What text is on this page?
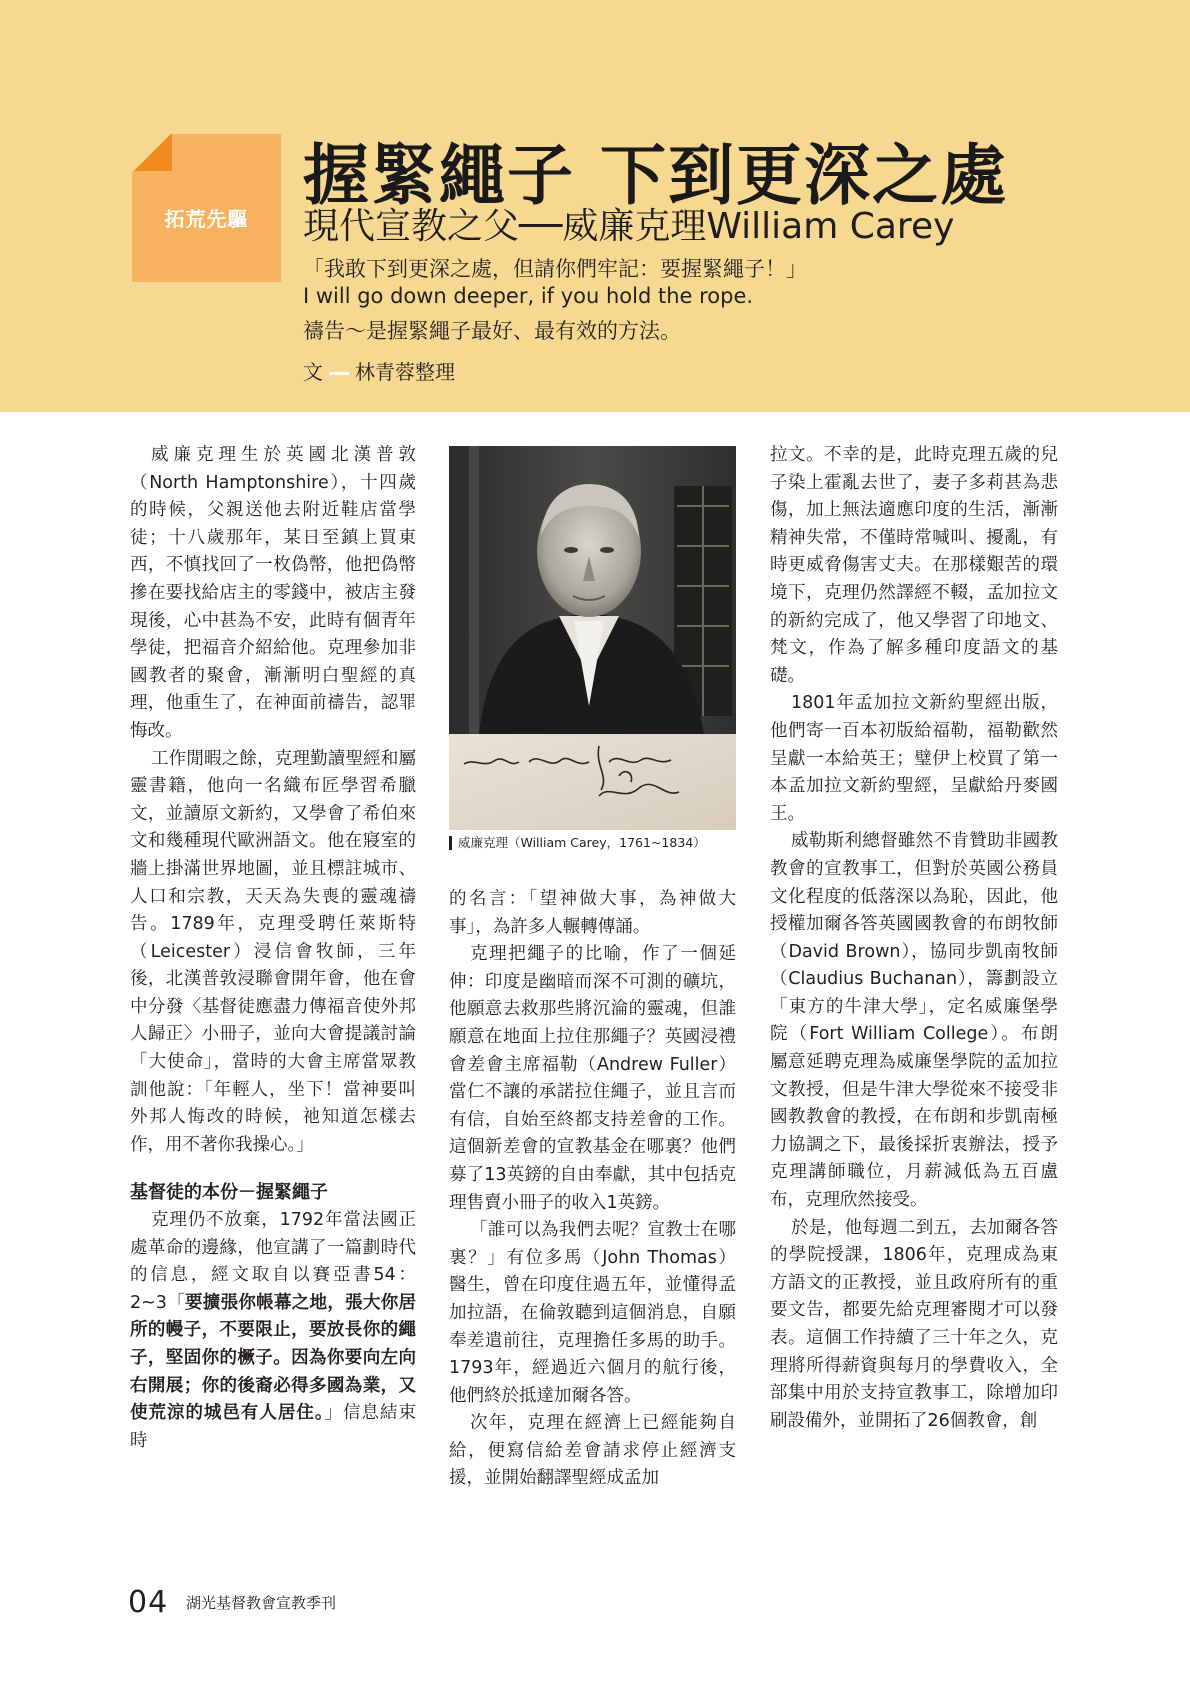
拓荒先驅
握緊繩子 下到更深之處
現代宣教之父──威廉克理William Carey
「我敢下到更深之處，但請你們牢記：要握緊繩子！」
I will go down deeper, if you hold the rope.
禱告～是握緊繩子最好、最有效的方法。
文 林青蓉整理

威廉克理生於英國北漢普敦（North Hamptonshire），十四歲的時候，父親送他去附近鞋店當學徒；十八歲那年，某日至鎮上買東西，不慎找回了一枚偽幣，他把偽幣摻在要找給店主的零錢中，被店主發現後，心中甚為不安，此時有個青年學徒，把福音介紹給他。克理參加非國教者的聚會，漸漸明白聖經的真理，他重生了，在神面前禱告，認罪悔改。

工作閒暇之餘，克理勤讀聖經和屬靈書籍，他向一名織布匠學習希臘文，並讀原文新約，又學會了希伯來文和幾種現代歐洲語文。他在寢室的牆上掛滿世界地圖，並且標註城市、人口和宗教，天天為失喪的靈魂禱告。1789年，克理受聘任萊斯特（Leicester）浸信會牧師，三年後，北漢普敦浸聯會開年會，他在會中分發〈基督徒應盡力傳福音使外邦人歸正〉小冊子，並向大會提議討論「大使命」，當時的大會主席當眾教訓他說：「年輕人，坐下！當神要叫外邦人悔改的時候，祂知道怎樣去作，用不著你我操心。」

基督徒的本份－握緊繩子

克理仍不放棄，1792年當法國正處革命的邊緣，他宣講了一篇劃時代的信息，經文取自以賽亞書54：2~3「要擴張你帳幕之地，張大你居所的幔子，不要限止，要放長你的繩子，堅固你的橛子。因為你要向左向右開展；你的後裔必得多國為業，又使荒涼的城邑有人居住。」信息結束時

威廉克理（William Carey，1761~1834）

的名言：「望神做大事，為神做大事」，為許多人輾轉傳誦。

克理把繩子的比喻，作了一個延伸：印度是幽暗而深不可測的礦坑，他願意去救那些將沉淪的靈魂，但誰願意在地面上拉住那繩子？英國浸禮會差會主席福勒（Andrew Fuller）當仁不讓的承諾拉住繩子，並且言而有信，自始至終都支持差會的工作。這個新差會的宣教基金在哪裏？他們募了13英鎊的自由奉獻，其中包括克理售賣小冊子的收入1英鎊。

「誰可以為我們去呢？宣教士在哪裏？」有位多馬（John Thomas）醫生，曾在印度住過五年，並懂得孟加拉語，在倫敦聽到這個消息，自願奉差遣前往，克理擔任多馬的助手。1793年，經過近六個月的航行後，他們終於抵達加爾各答。

次年，克理在經濟上已經能夠自給，便寫信給差會請求停止經濟支援，並開始翻譯聖經成孟加

拉文。不幸的是，此時克理五歲的兒子染上霍亂去世了，妻子多莉甚為悲傷，加上無法適應印度的生活，漸漸精神失常，不僅時常喊叫、擾亂，有時更威脅傷害丈夫。在那樣艱苦的環境下，克理仍然譯經不輟，孟加拉文的新約完成了，他又學習了印地文、梵文，作為了解多種印度語文的基礎。

1801年孟加拉文新約聖經出版，他們寄一百本初版給福勒，福勒歡然呈獻一本給英王；璧伊上校買了第一本孟加拉文新約聖經，呈獻給丹麥國王。

威勒斯利總督雖然不肯贊助非國教教會的宣教事工，但對於英國公務員文化程度的低落深以為恥，因此，他授權加爾各答英國國教會的布朗牧師（David Brown），協同步凱南牧師（Claudius Buchanan），籌劃設立「東方的牛津大學」，定名威廉堡學院（Fort William College）。布朗屬意延聘克理為威廉堡學院的孟加拉文教授，但是牛津大學從來不接受非國教教會的教授，在布朗和步凱南極力協調之下，最後採折衷辦法，授予克理講師職位，月薪減低為五百盧布，克理欣然接受。

於是，他每週二到五，去加爾各答的學院授課，1806年，克理成為東方語文的正教授，並且政府所有的重要文告，都要先給克理審閱才可以發表。這個工作持續了三十年之久，克理將所得薪資與每月的學費收入，全部集中用於支持宣教事工，除增加印刷設備外，並開拓了26個教會，創

04 湖光基督教會宣教季刊
